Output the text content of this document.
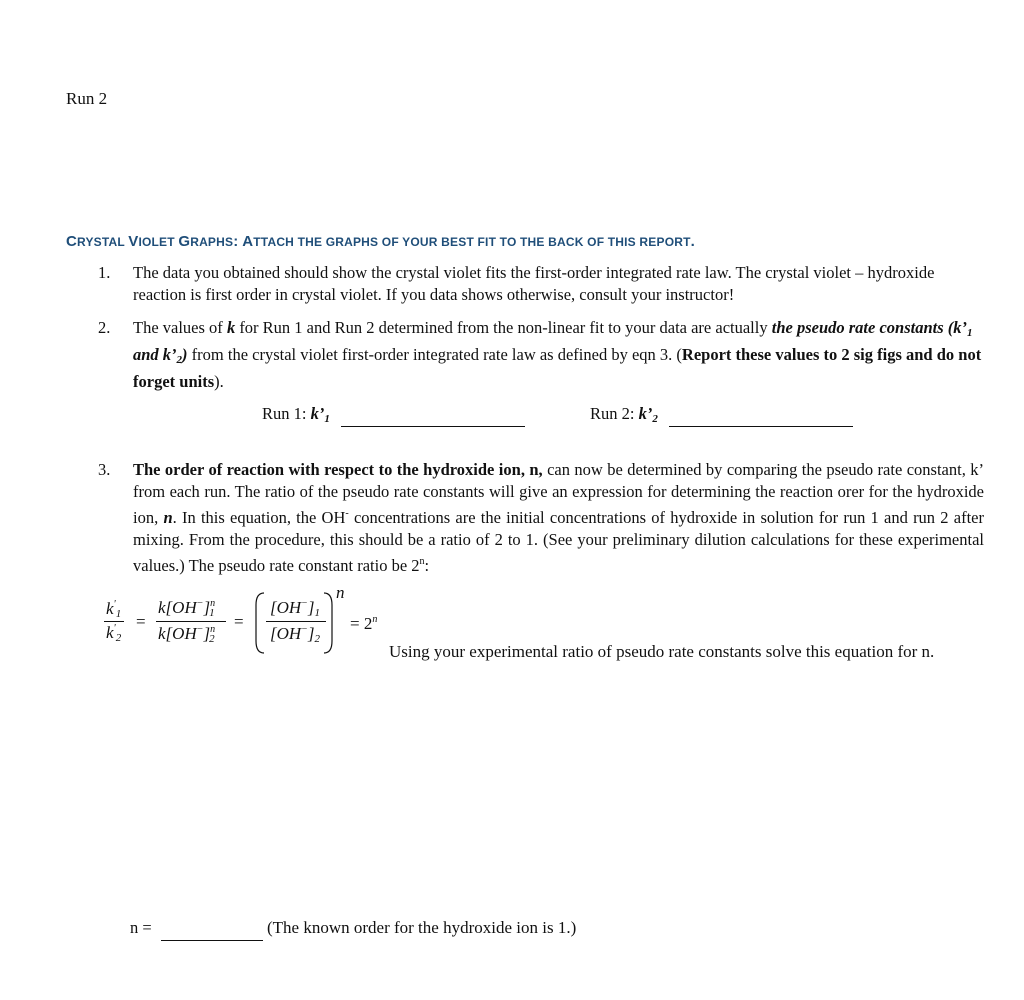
Run 2
CRYSTAL VIOLET GRAPHS: ATTACH THE GRAPHS OF YOUR BEST FIT TO THE BACK OF THIS REPORT.
1. The data you obtained should show the crystal violet fits the first-order integrated rate law. The crystal violet – hydroxide reaction is first order in crystal violet. If you data shows otherwise, consult your instructor!
2. The values of k for Run 1 and Run 2 determined from the non-linear fit to your data are actually the pseudo rate constants ($k’_1$ and $k’_2$) from the crystal violet first-order integrated rate law as defined by eqn 3. (Report these values to 2 sig figs and do not forget units).
Run 1: $k’_1$	Run 2: $k’_2$
3. The order of reaction with respect to the hydroxide ion, n, can now be determined by comparing the pseudo rate constant, k’ from each run. The ratio of the pseudo rate constants will give an expression for determining the reaction orer for the hydroxide ion, n. In this equation, the OH- concentrations are the initial concentrations of hydroxide in solution for run 1 and run 2 after mixing. From the procedure, this should be a ratio of 2 to 1. (See your preliminary dilution calculations for these experimental values.) The pseudo rate constant ratio be 2$^n$:
$k'_1$
$k'_2$
=
$k[OH^-]^n_1$
$k[OH^-]^n_2$
=
$[OH^-]_1$
$[OH^-]_2$
n
= $2^n$
Using your experimental ratio of pseudo rate constants solve this equation for n.
n =	(The known order for the hydroxide ion is 1.)
